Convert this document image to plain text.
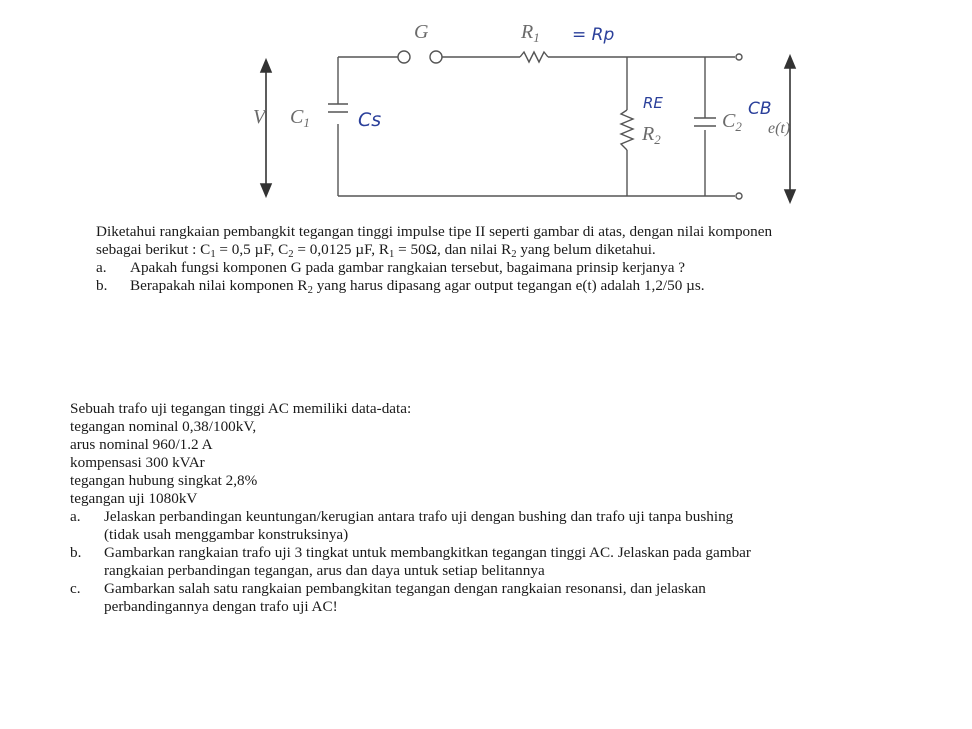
G	$R_1$
V $C_1$
$R_2$
$C_2$ e(t)
= Rp
Cs
RE	CB
Diketahui rangkaian pembangkit tegangan tinggi impulse tipe II seperti gambar di atas, dengan nilai komponen
sebagai berikut : $C_1 = 0,5$ µF, $C_2 = 0,0125$ µF, $R_1 = 50\Omega$, dan nilai $R_2$ yang belum diketahui.
a. Apakah fungsi komponen G pada gambar rangkaian tersebut, bagaimana prinsip kerjanya ?
b. Berapakah nilai komponen $R_2$ yang harus dipasang agar output tegangan e(t) adalah 1,2/50 µs.
Sebuah trafo uji tegangan tinggi AC memiliki data-data:
tegangan nominal 0,38/100kV,
arus nominal 960/1.2 A
kompensasi 300 kVAr
tegangan hubung singkat 2,8%
tegangan uji 1080kV
a. Jelaskan perbandingan keuntungan/kerugian antara trafo uji dengan bushing dan trafo uji tanpa bushing
(tidak usah menggambar konstruksinya)
b. Gambarkan rangkaian trafo uji 3 tingkat untuk membangkitkan tegangan tinggi AC. Jelaskan pada gambar
rangkaian perbandingan tegangan, arus dan daya untuk setiap belitannya
c. Gambarkan salah satu rangkaian pembangkitan tegangan dengan rangkaian resonansi, dan jelaskan
perbandingannya dengan trafo uji AC!
